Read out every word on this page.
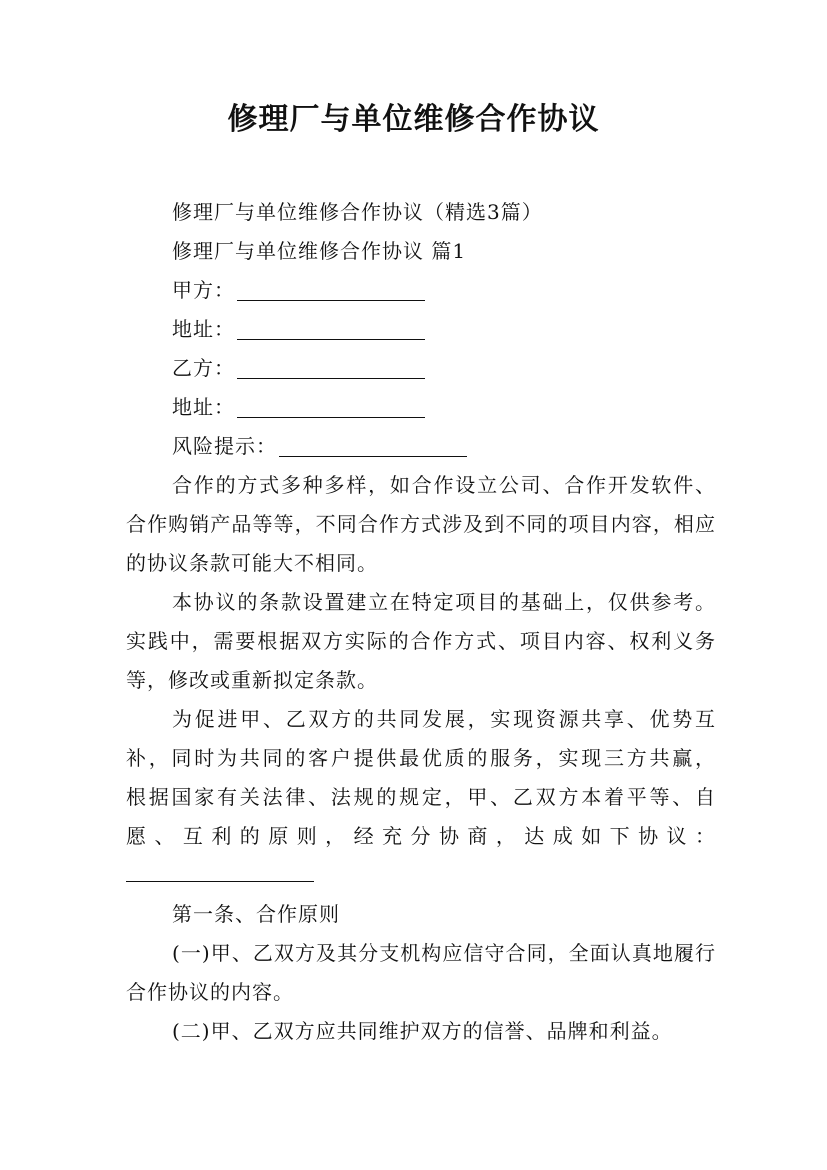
修理厂与单位维修合作协议
修理厂与单位维修合作协议（精选3篇）
修理厂与单位维修合作协议 篇1
甲方：
地址：
乙方：
地址：
风险提示：

合作的方式多种多样，如合作设立公司、合作开发软件、合作购销产品等等，不同合作方式涉及到不同的项目内容，相应的协议条款可能大不相同。

本协议的条款设置建立在特定项目的基础上，仅供参考。实践中，需要根据双方实际的合作方式、项目内容、权利义务等，修改或重新拟定条款。

为促进甲、乙双方的共同发展，实现资源共享、优势互
补，同时为共同的客户提供最优质的服务，实现三方共赢，
根据国家有关法律、法规的规定，甲、乙双方本着平等、自
愿、互利的原则，经充分协商，达成如下协议：
第一条、合作原则

(一)甲、乙双方及其分支机构应信守合同，全面认真地履行合作协议的内容。

(二)甲、乙双方应共同维护双方的信誉、品牌和利益。
